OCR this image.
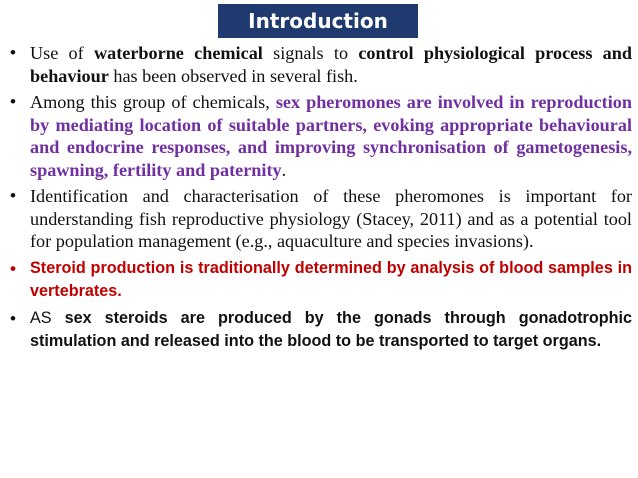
Introduction
• Use of waterborne chemical signals to control physiological process and behaviour has been observed in several fish.
• Among this group of chemicals, sex pheromones are involved in reproduction by mediating location of suitable partners, evoking appropriate behavioural and endocrine responses, and improving synchronisation of gametogenesis, spawning, fertility and paternity.
• Identification and characterisation of these pheromones is important for understanding fish reproductive physiology (Stacey, 2011) and as a potential tool for population management (e.g., aquaculture and species invasions).
• Steroid production is traditionally determined by analysis of blood samples in vertebrates.
• AS sex steroids are produced by the gonads through gonadotrophic stimulation and released into the blood to be transported to target organs.
